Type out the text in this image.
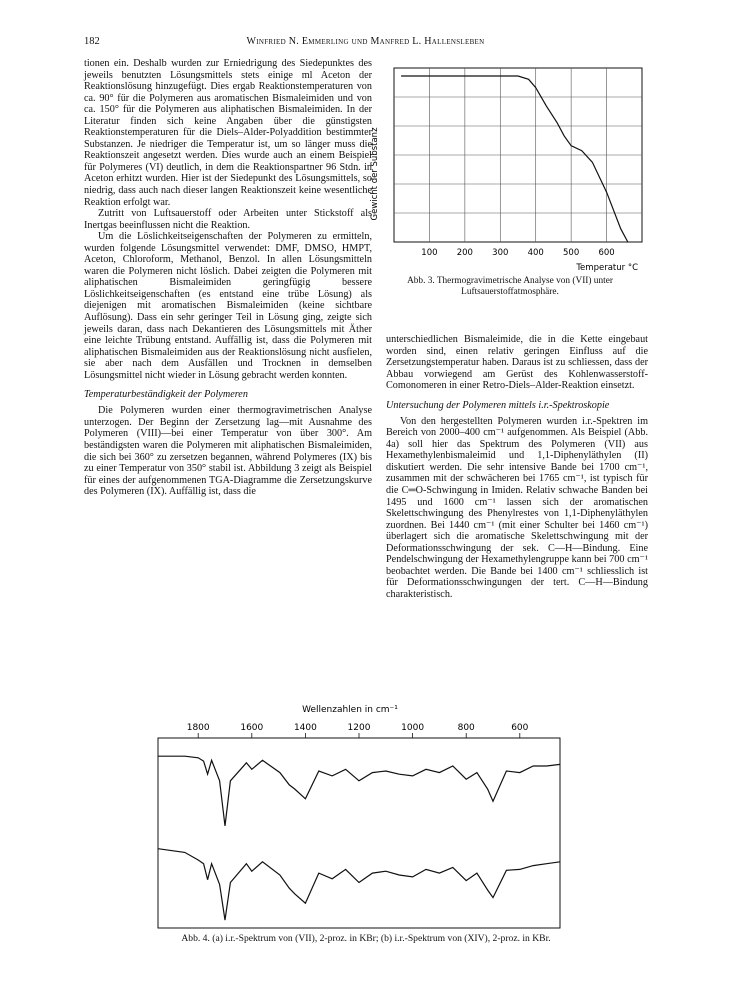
182	Winfried N. Emmerling und Manfred L. Hallensleben

tionen ein. Deshalb wurden zur Erniedrigung des Siedepunktes des jeweils benutzten Lösungsmittels stets einige ml Aceton der Reaktionslösung hinzugefügt. Dies ergab Reaktionstemperaturen von ca. 90° für die Polymeren aus aromatischen Bismaleimiden und von ca. 150° für die Polymeren aus aliphatischen Bismaleimiden. In der Literatur finden sich keine Angaben über die günstigsten Reaktionstemperaturen für die Diels–Alder-Polyaddition bestimmter Substanzen. Je niedriger die Temperatur ist, um so länger muss die Reaktionszeit angesetzt werden. Dies wurde auch an einem Beispiel für Polymeres (VI) deutlich, in dem die Reaktionspartner 96 Stdn. in Aceton erhitzt wurden. Hier ist der Siedepunkt des Lösungsmittels, so niedrig, dass auch nach dieser langen Reaktionszeit keine wesentliche Reaktion erfolgt war.

Zutritt von Luftsauerstoff oder Arbeiten unter Stickstoff als Inertgas beeinflussen nicht die Reaktion.

Um die Löslichkeitseigenschaften der Polymeren zu ermitteln, wurden folgende Lösungsmittel verwendet: DMF, DMSO, HMPT, Aceton, Chloroform, Methanol, Benzol. In allen Lösungsmitteln waren die Polymeren nicht löslich. Dabei zeigten die Polymeren mit aliphatischen Bismaleimiden geringfügig bessere Löslichkeitseigenschaften (es entstand eine trübe Lösung) als diejenigen mit aromatischen Bismaleimiden (keine sichtbare Auflösung). Dass ein sehr geringer Teil in Lösung ging, zeigte sich jeweils daran, dass nach Dekantieren des Lösungsmittels mit Äther eine leichte Trübung entstand. Auffällig ist, dass die Polymeren mit aliphatischen Bismaleimiden aus der Reaktionslösung nicht ausfielen, sie aber nach dem Ausfällen und Trocknen in demselben Lösungsmittel nicht wieder in Lösung gebracht werden konnten.

Temperaturbeständigkeit der Polymeren

Die Polymeren wurden einer thermogravimetrischen Analyse unterzogen. Der Beginn der Zersetzung lag—mit Ausnahme des Polymeren (VIII)—bei einer Temperatur von über 300°. Am beständigsten waren die Polymeren mit aliphatischen Bismaleimiden, die sich bei 360° zu zersetzen begannen, während Polymeres (IX) bis zu einer Temperatur von 350° stabil ist. Abbildung 3 zeigt als Beispiel für eines der aufgenommenen TGA-Diagramme die Zersetzungskurve des Polymeren (IX). Auffällig ist, dass die

100 200 300 400 500 600
Gewicht der Substanz
Temperatur °C
Abb. 3. Thermogravimetrische Analyse von (VII) unter Luftsauerstoffatmosphäre.

unterschiedlichen Bismaleimide, die in die Kette eingebaut worden sind, einen relativ geringen Einfluss auf die Zersetzungstemperatur haben. Daraus ist zu schliessen, dass der Abbau vorwiegend am Gerüst des Kohlenwasserstoff-Comonomeren in einer Retro-Diels–Alder-Reaktion einsetzt.

Untersuchung der Polymeren mittels i.r.-Spektroskopie

Von den hergestellten Polymeren wurden i.r.-Spektren im Bereich von 2000–400 cm⁻¹ aufgenommen. Als Beispiel (Abb. 4a) soll hier das Spektrum des Polymeren (VII) aus Hexamethylenbismaleimid und 1,1-Diphenyläthylen (II) diskutiert werden. Die sehr intensive Bande bei 1700 cm⁻¹, zusammen mit der schwächeren bei 1765 cm⁻¹, ist typisch für die C═O-Schwingung in Imiden. Relativ schwache Banden bei 1495 und 1600 cm⁻¹ lassen sich der aromatischen Skelettschwingung des Phenylrestes von 1,1-Diphenyläthylen zuordnen. Bei 1440 cm⁻¹ (mit einer Schulter bei 1460 cm⁻¹) überlagert sich die aromatische Skelettschwingung mit der Deformationsschwingung der sek. C—H—Bindung. Eine Pendelschwingung der Hexamethylengruppe kann bei 700 cm⁻¹ beobachtet werden. Die Bande bei 1400 cm⁻¹ schliesslich ist für Deformationsschwingungen der tert. C—H—Bindung charakteristisch.

Wellenzahlen in cm⁻¹
1800	1600	1400	1200	1000	800	600
Abb. 4. (a) i.r.-Spektrum von (VII), 2-proz. in KBr; (b) i.r.-Spektrum von (XIV), 2-proz. in KBr.
